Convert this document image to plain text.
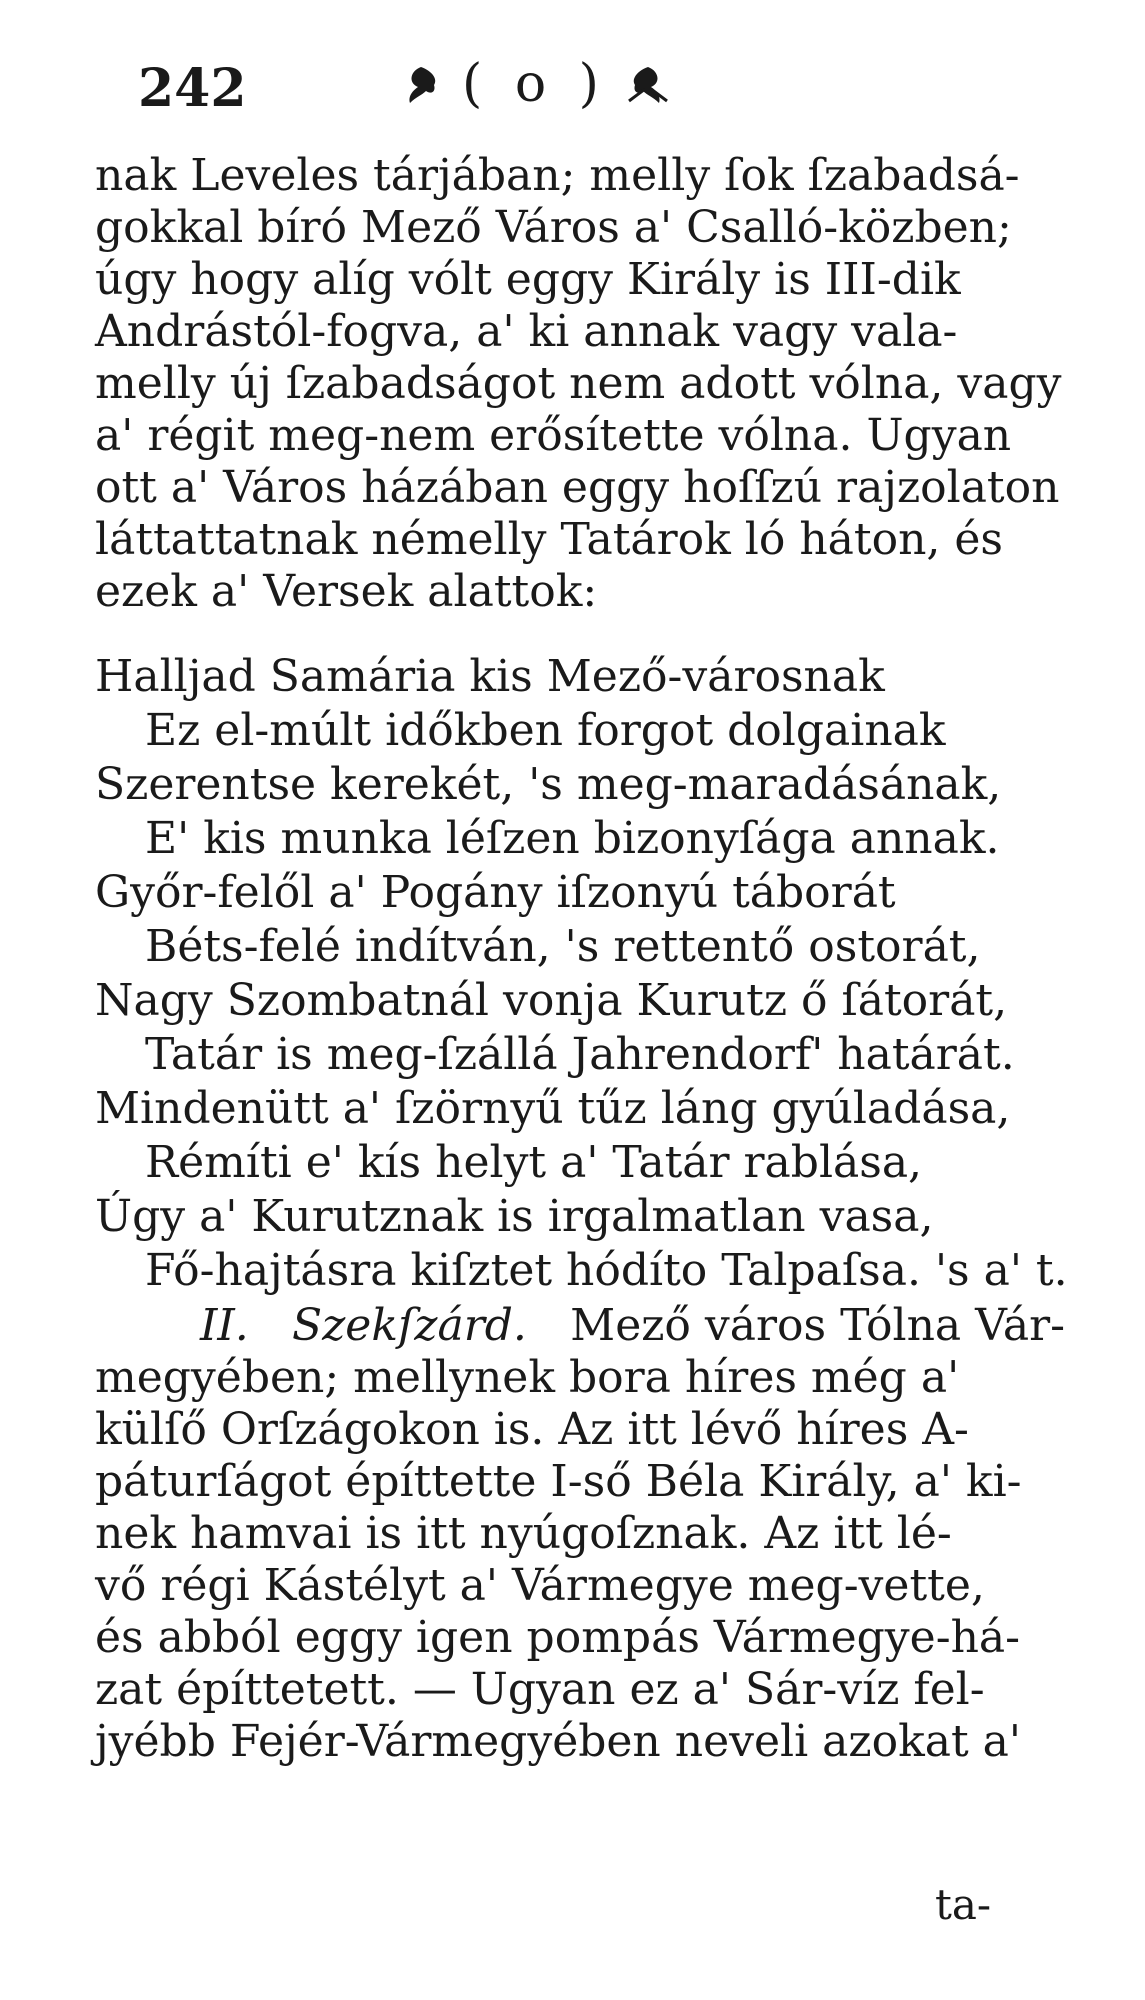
242	( o )
nak Leveles tárjában; melly ſok ſzabadsá-
gokkal bíró Mező Város a' Csalló-közben;
úgy hogy alíg vólt eggy Király is III-dik
Andrástól-fogva, a' ki annak vagy vala-
melly új ſzabadságot nem adott vólna, vagy
a' régit meg-nem erősítette vólna. Ugyan
ott a' Város házában eggy hoſſzú rajzolaton
láttattatnak némelly Tatárok ló háton, és
ezek a' Versek alattok:
Halljad Samária kis Mező-városnak
Ez el-múlt időkben forgot dolgainak
Szerentse kerekét, 's meg-maradásának,
E' kis munka léſzen bizonyſága annak.
Győr-felől a' Pogány iſzonyú táborát
Béts-felé indítván, 's rettentő ostorát,
Nagy Szombatnál vonja Kurutz ő ſátorát,
Tatár is meg-ſzállá Jahrendorf' határát.
Mindenütt a' ſzörnyű tűz láng gyúladása,
Rémíti e' kís helyt a' Tatár rablása,
Úgy a' Kurutznak is irgalmatlan vasa,
Fő-hajtásra kiſztet hódíto Talpaſsa. 's a' t.
II. Szekſzárd. Mező város Tólna Vár-
megyében; mellynek bora híres még a'
külſő Orſzágokon is. Az itt lévő híres A-
páturſágot építtette I-ső Béla Király, a' ki-
nek hamvai is itt nyúgoſznak. Az itt lé-
vő régi Kástélyt a' Vármegye meg-vette,
és abból eggy igen pompás Vármegye-há-
zat építtetett. — Ugyan ez a' Sár-víz fel-
jyébb Fejér-Vármegyében neveli azokat a'
ta-
